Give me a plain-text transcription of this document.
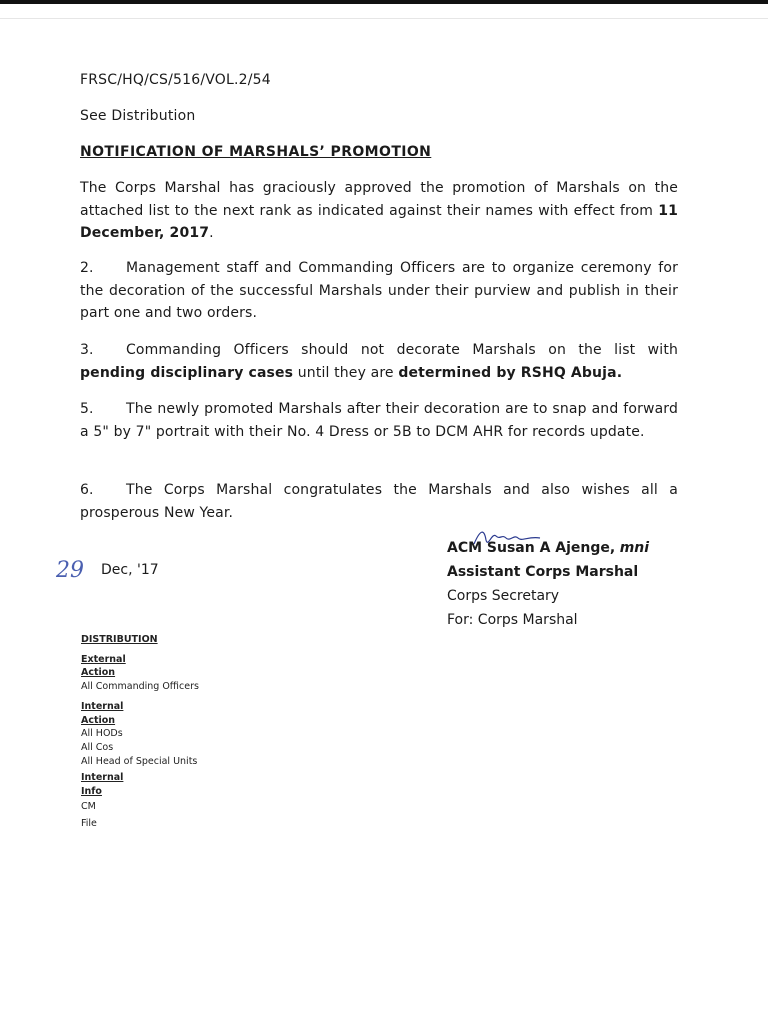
FRSC/HQ/CS/516/VOL.2/54
See Distribution
NOTIFICATION OF MARSHALS’ PROMOTION
The Corps Marshal has graciously approved the promotion of Marshals on the attached list to the next rank as indicated against their names with effect from 11 December, 2017.
2. Management staff and Commanding Officers are to organize ceremony for the decoration of the successful Marshals under their purview and publish in their part one and two orders.
3. Commanding Officers should not decorate Marshals on the list with pending disciplinary cases until they are determined by RSHQ Abuja.
5. The newly promoted Marshals after their decoration are to snap and forward a 5" by 7" portrait with their No. 4 Dress or 5B to DCM AHR for records update.
6. The Corps Marshal congratulates the Marshals and also wishes all a prosperous New Year.
ACM Susan A Ajenge, mni
Assistant Corps Marshal
Corps Secretary
For: Corps Marshal
29 Dec, '17
DISTRIBUTION
External
Action
All Commanding Officers
Internal
Action
All HODs
All Cos
All Head of Special Units
Internal
Info
CM
File
